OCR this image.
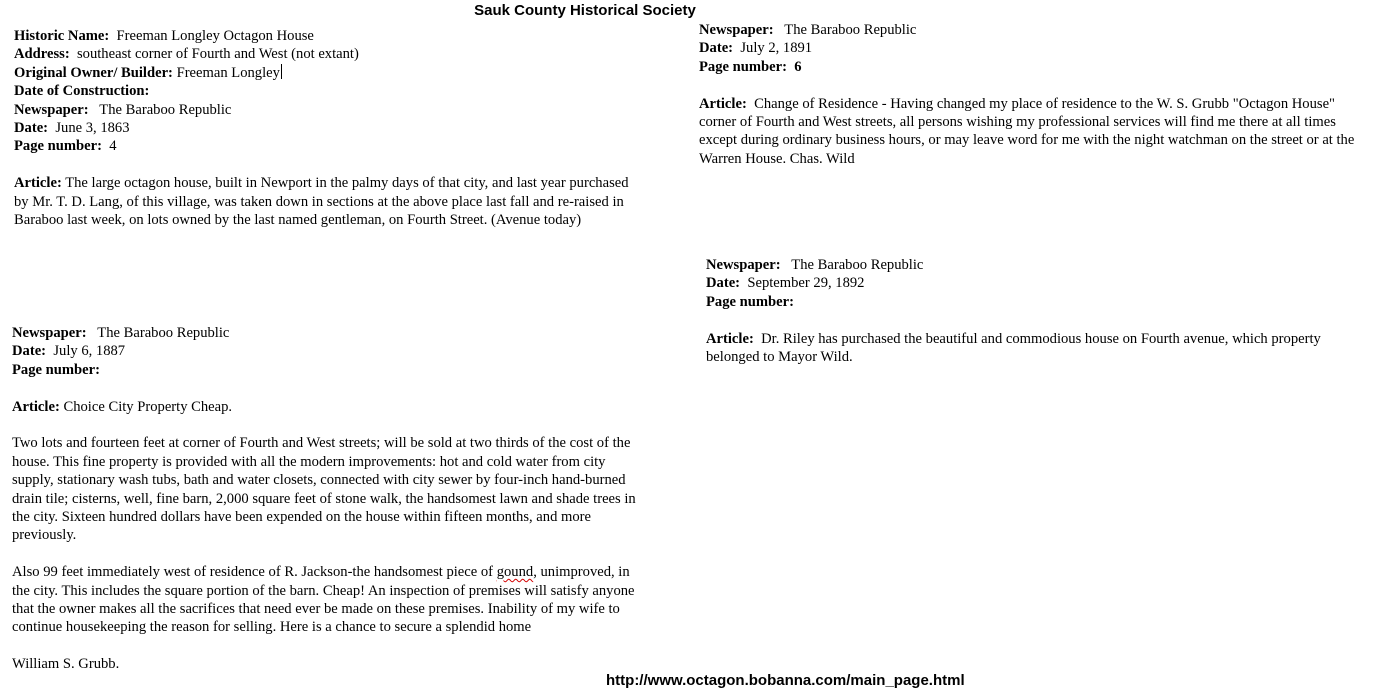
Sauk County Historical Society
Historic Name: Freeman Longley Octagon House
Address: southeast corner of Fourth and West (not extant)
Original Owner/ Builder: Freeman Longley
Date of Construction:
Newspaper: The Baraboo Republic
Date: June 3, 1863
Page number: 4
Article: The large octagon house, built in Newport in the palmy days of that city, and last year purchased by Mr. T. D. Lang, of this village, was taken down in sections at the above place last fall and re-raised in Baraboo last week, on lots owned by the last named gentleman, on Fourth Street. (Avenue today)
Newspaper: The Baraboo Republic
Date: July 6, 1887
Page number:
Article: Choice City Property Cheap.
Two lots and fourteen feet at corner of Fourth and West streets; will be sold at two thirds of the cost of the house. This fine property is provided with all the modern improvements: hot and cold water from city supply, stationary wash tubs, bath and water closets, connected with city sewer by four-inch hand-burned drain tile; cisterns, well, fine barn, 2,000 square feet of stone walk, the handsomest lawn and shade trees in the city. Sixteen hundred dollars have been expended on the house within fifteen months, and more previously.
Also 99 feet immediately west of residence of R. Jackson-the handsomest piece of gound, unimproved, in the city. This includes the square portion of the barn. Cheap! An inspection of premises will satisfy anyone that the owner makes all the sacrifices that need ever be made on these premises. Inability of my wife to continue housekeeping the reason for selling. Here is a chance to secure a splendid home
William S. Grubb.
Newspaper: The Baraboo Republic
Date: July 2, 1891
Page number: 6
Article: Change of Residence - Having changed my place of residence to the W. S. Grubb "Octagon House" corner of Fourth and West streets, all persons wishing my professional services will find me there at all times except during ordinary business hours, or may leave word for me with the night watchman on the street or at the Warren House. Chas. Wild
Newspaper: The Baraboo Republic
Date: September 29, 1892
Page number:
Article: Dr. Riley has purchased the beautiful and commodious house on Fourth avenue, which property belonged to Mayor Wild.
http://www.octagon.bobanna.com/main_page.html
